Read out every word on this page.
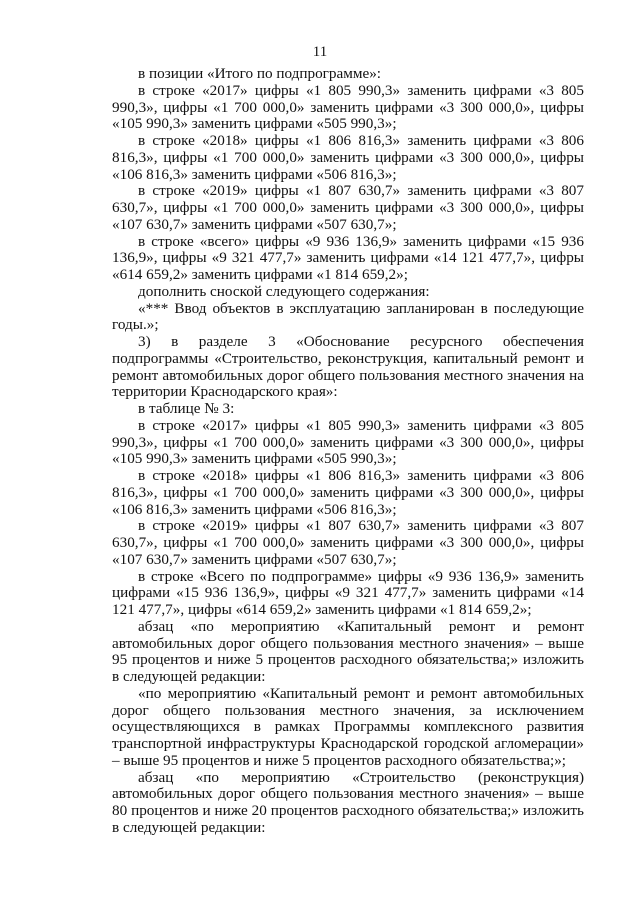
11

в позиции «Итого по подпрограмме»:

в строке «2017» цифры «1 805 990,3» заменить цифрами «3 805 990,3», цифры «1 700 000,0» заменить цифрами «3 300 000,0», цифры «105 990,3» заменить цифрами «505 990,3»;

в строке «2018» цифры «1 806 816,3» заменить цифрами «3 806 816,3», цифры «1 700 000,0» заменить цифрами «3 300 000,0», цифры «106 816,3» заменить цифрами «506 816,3»;

в строке «2019» цифры «1 807 630,7» заменить цифрами «3 807 630,7», цифры «1 700 000,0» заменить цифрами «3 300 000,0», цифры «107 630,7» заменить цифрами «507 630,7»;

в строке «всего» цифры «9 936 136,9» заменить цифрами «15 936 136,9», цифры «9 321 477,7» заменить цифрами «14 121 477,7», цифры «614 659,2» заменить цифрами «1 814 659,2»;

дополнить сноской следующего содержания:

«*** Ввод объектов в эксплуатацию запланирован в последующие годы.»;

3) в разделе 3 «Обоснование ресурсного обеспечения подпрограммы «Строительство, реконструкция, капитальный ремонт и ремонт автомобильных дорог общего пользования местного значения на территории Краснодарского края»:

в таблице № 3:

в строке «2017» цифры «1 805 990,3» заменить цифрами «3 805 990,3», цифры «1 700 000,0» заменить цифрами «3 300 000,0», цифры «105 990,3» заменить цифрами «505 990,3»;

в строке «2018» цифры «1 806 816,3» заменить цифрами «3 806 816,3», цифры «1 700 000,0» заменить цифрами «3 300 000,0», цифры «106 816,3» заменить цифрами «506 816,3»;

в строке «2019» цифры «1 807 630,7» заменить цифрами «3 807 630,7», цифры «1 700 000,0» заменить цифрами «3 300 000,0», цифры «107 630,7» заменить цифрами «507 630,7»;

в строке «Всего по подпрограмме» цифры «9 936 136,9» заменить цифрами «15 936 136,9», цифры «9 321 477,7» заменить цифрами «14 121 477,7», цифры «614 659,2» заменить цифрами «1 814 659,2»;

абзац «по мероприятию «Капитальный ремонт и ремонт автомобильных дорог общего пользования местного значения» – выше 95 процентов и ниже 5 процентов расходного обязательства;» изложить в следующей редакции:

«по мероприятию «Капитальный ремонт и ремонт автомобильных дорог общего пользования местного значения, за исключением осуществляющихся в рамках Программы комплексного развития транспортной инфраструктуры Краснодарской городской агломерации» – выше 95 процентов и ниже 5 процентов расходного обязательства;»;

абзац «по мероприятию «Строительство (реконструкция) автомобильных дорог общего пользования местного значения» – выше 80 процентов и ниже 20 процентов расходного обязательства;» изложить в следующей редакции:
